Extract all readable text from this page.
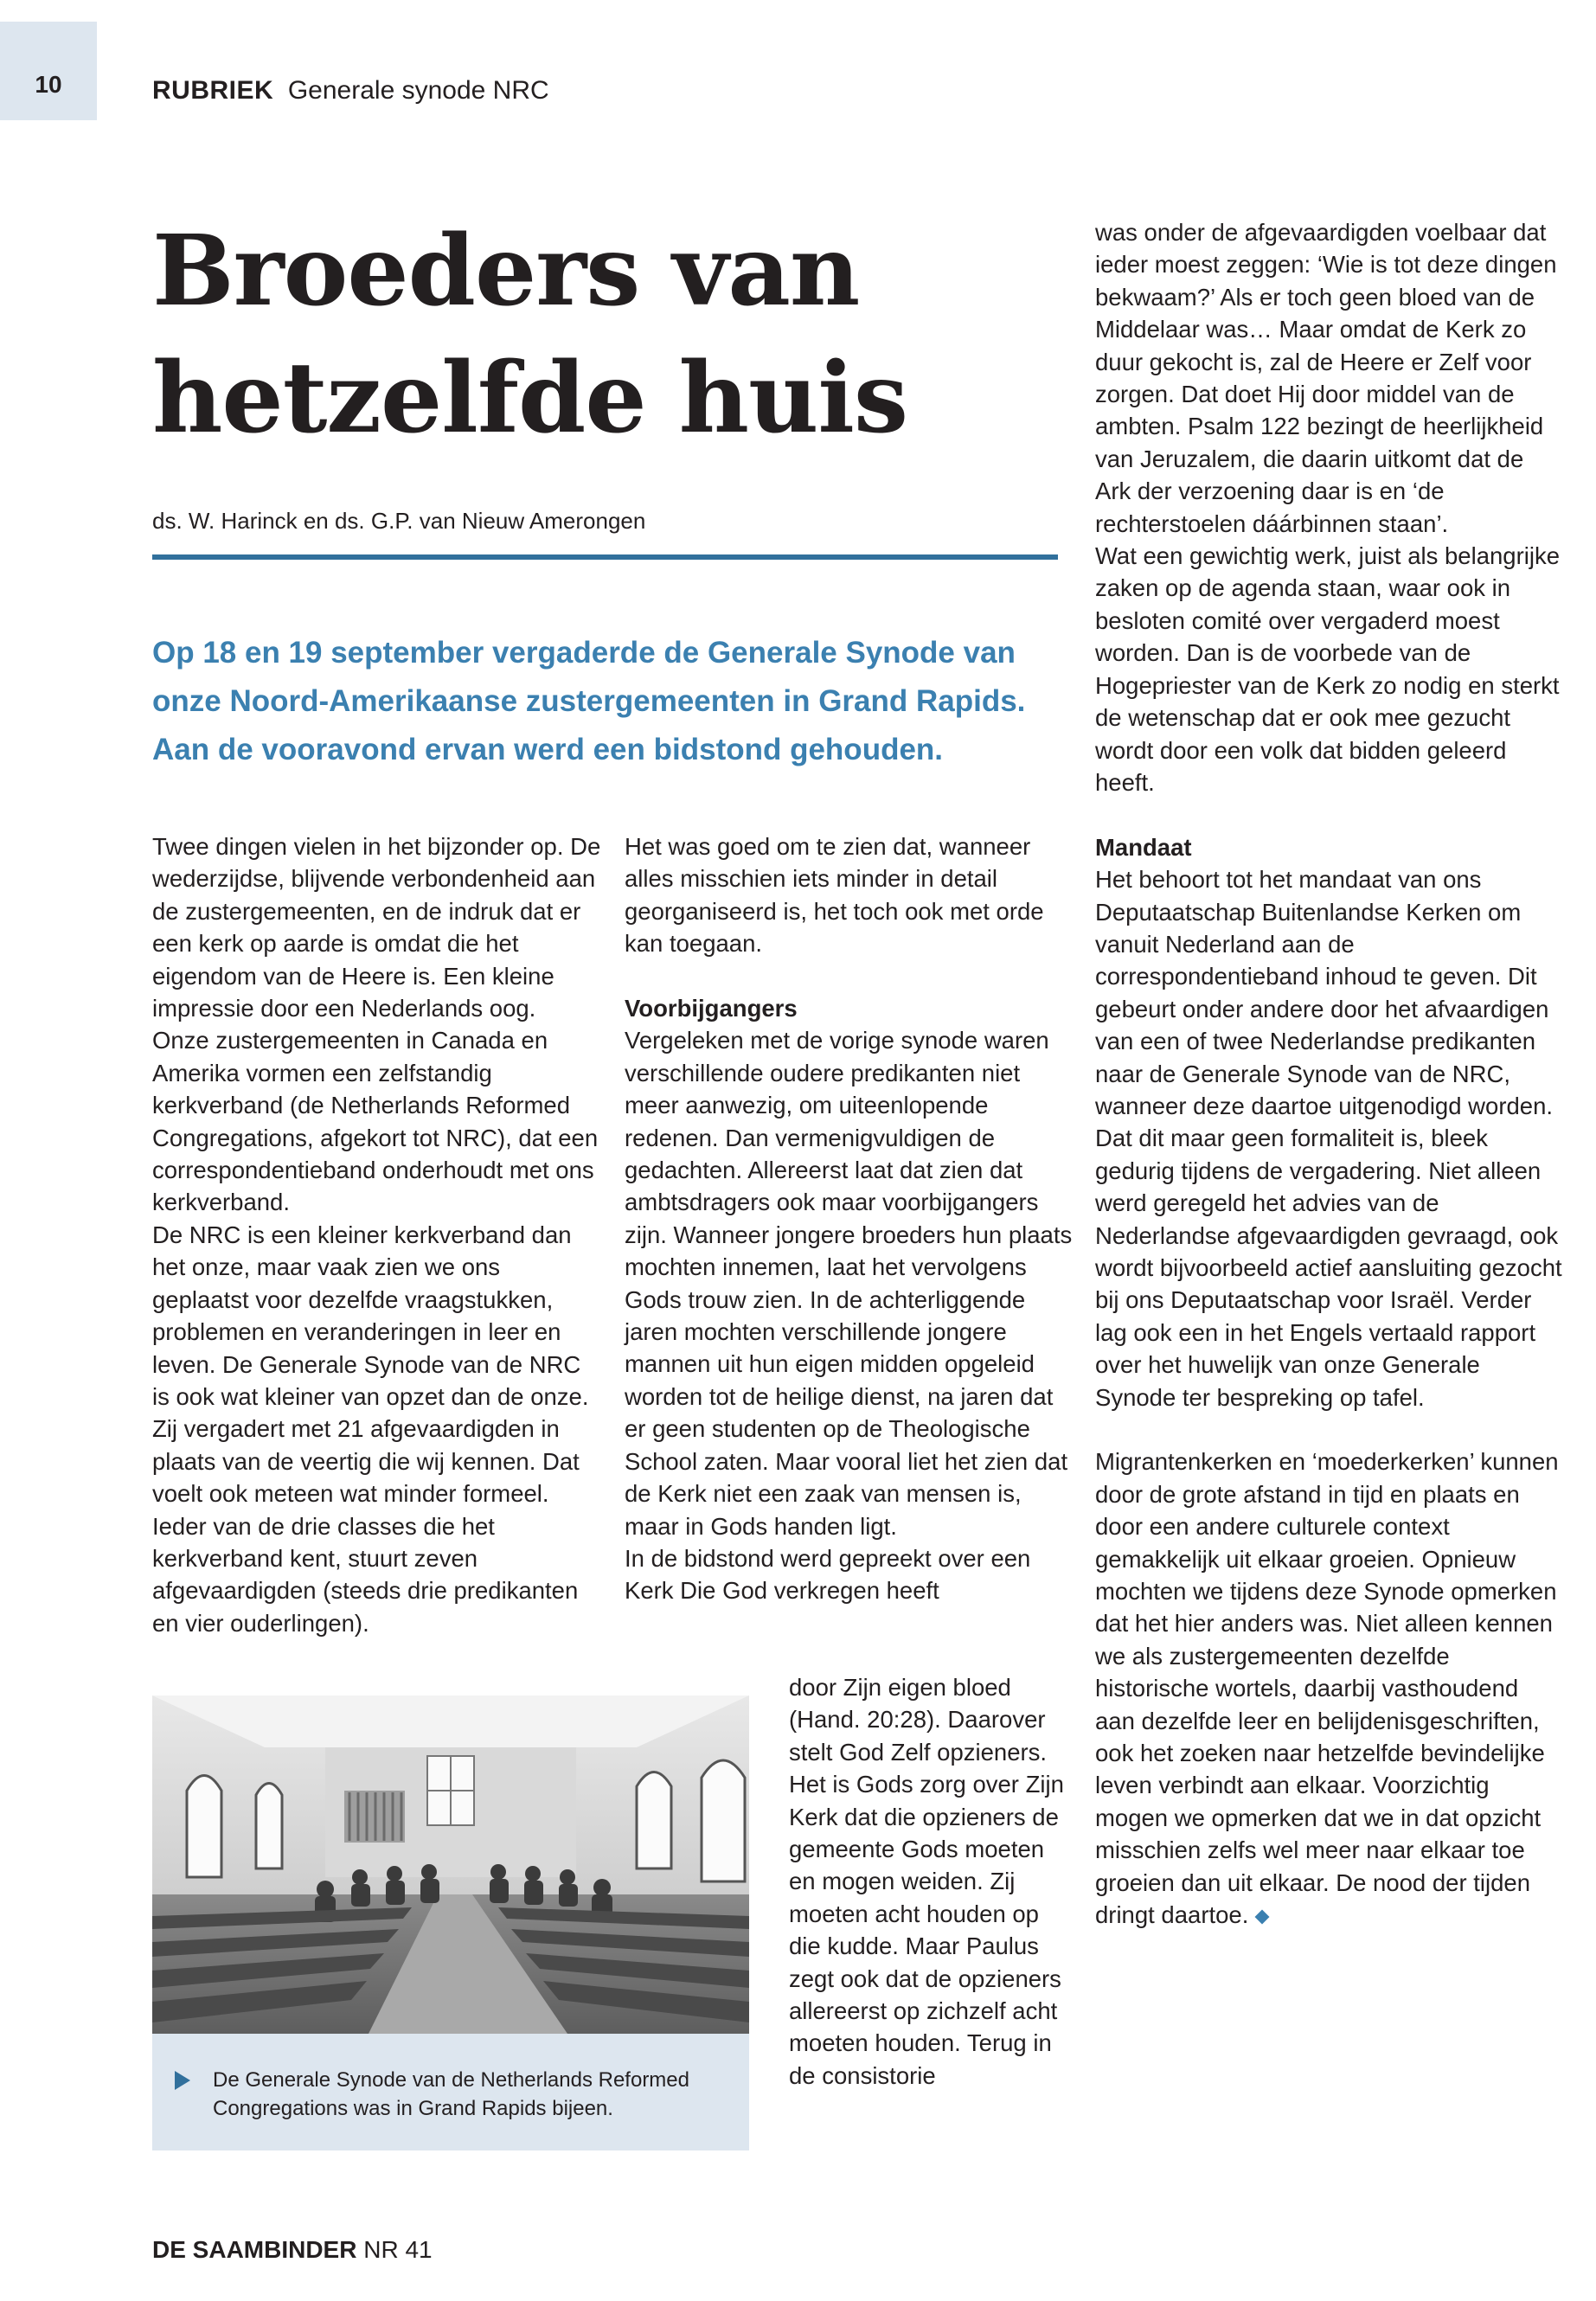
10	RUBRIEK Generale synode NRC
Broeders van
hetzelfde huis
ds. W. Harinck en ds. G.P. van Nieuw Amerongen
Op 18 en 19 september vergaderde de Generale Synode van onze Noord-Amerikaanse zustergemeenten in Grand Rapids. Aan de vooravond ervan werd een bidstond gehouden.

Twee dingen vielen in het bijzonder op. De wederzijdse, blijvende verbondenheid aan de zustergemeenten, en de indruk dat er een kerk op aarde is omdat die het eigendom van de Heere is. Een kleine impressie door een Nederlands oog.

Onze zustergemeenten in Canada en Amerika vormen een zelfstandig kerkverband (de Netherlands Reformed Congregations, afgekort tot NRC), dat een correspondentieband onderhoudt met ons kerkverband.

De NRC is een kleiner kerkverband dan het onze, maar vaak zien we ons geplaatst voor dezelfde vraagstukken, problemen en veranderingen in leer en leven. De Generale Synode van de NRC is ook wat kleiner van opzet dan de onze. Zij vergadert met 21 afgevaardigden in plaats van de veertig die wij kennen. Dat voelt ook meteen wat minder formeel. Ieder van de drie classes die het kerkverband kent, stuurt zeven afgevaardigden (steeds drie predikanten en vier ouderlingen).

Het was goed om te zien dat, wanneer alles misschien iets minder in detail georganiseerd is, het toch ook met orde kan toegaan.

Voorbijgangers

Vergeleken met de vorige synode waren verschillende oudere predikanten niet meer aanwezig, om uiteenlopende redenen. Dan vermenigvuldigen de gedachten. Allereerst laat dat zien dat ambtsdragers ook maar voorbijgangers zijn. Wanneer jongere broeders hun plaats mochten innemen, laat het vervolgens Gods trouw zien. In de achterliggende jaren mochten verschillende jongere mannen uit hun eigen midden opgeleid worden tot de heilige dienst, na jaren dat er geen studenten op de Theologische School zaten. Maar vooral liet het zien dat de Kerk niet een zaak van mensen is, maar in Gods handen ligt.

In de bidstond werd gepreekt over een Kerk Die God verkregen heeft

door Zijn eigen bloed (Hand. 20:28). Daarover stelt God Zelf opzieners. Het is Gods zorg over Zijn Kerk dat die opzieners de gemeente Gods moeten en mogen weiden. Zij moeten acht houden op die kudde. Maar Paulus zegt ook dat de opzieners allereerst op zichzelf acht moeten houden. Terug in de consistorie

was onder de afgevaardigden voelbaar dat ieder moest zeggen: ‘Wie is tot deze dingen bekwaam?’ Als er toch geen bloed van de Middelaar was… Maar omdat de Kerk zo duur gekocht is, zal de Heere er Zelf voor zorgen. Dat doet Hij door middel van de ambten. Psalm 122 bezingt de heerlijkheid van Jeruzalem, die daarin uitkomt dat de Ark der verzoening daar is en ‘de rechterstoelen dáárbinnen staan’.

Wat een gewichtig werk, juist als belangrijke zaken op de agenda staan, waar ook in besloten comité over vergaderd moest worden. Dan is de voorbede van de Hogepriester van de Kerk zo nodig en sterkt de wetenschap dat er ook mee gezucht wordt door een volk dat bidden geleerd heeft.

Mandaat

Het behoort tot het mandaat van ons Deputaatschap Buitenlandse Kerken om vanuit Nederland aan de correspondentieband inhoud te geven. Dit gebeurt onder andere door het afvaardigen van een of twee Nederlandse predikanten naar de Generale Synode van de NRC, wanneer deze daartoe uitgenodigd worden. Dat dit maar geen formaliteit is, bleek gedurig tijdens de vergadering. Niet alleen werd geregeld het advies van de Nederlandse afgevaardigden gevraagd, ook wordt bijvoorbeeld actief aansluiting gezocht bij ons Deputaatschap voor Israël. Verder lag ook een in het Engels vertaald rapport over het huwelijk van onze Generale Synode ter bespreking op tafel.

Migrantenkerken en ‘moederkerken’ kunnen door de grote afstand in tijd en plaats en door een andere culturele context gemakkelijk uit elkaar groeien. Opnieuw mochten we tijdens deze Synode opmerken dat het hier anders was. Niet alleen kennen we als zustergemeenten dezelfde historische wortels, daarbij vasthoudend aan dezelfde leer en belijdenisgeschriften, ook het zoeken naar hetzelfde bevindelijke leven verbindt aan elkaar. Voorzichtig mogen we opmerken dat we in dat opzicht misschien zelfs wel meer naar elkaar toe groeien dan uit elkaar. De nood der tijden dringt daartoe.

De Generale Synode van de Netherlands Reformed Congregations was in Grand Rapids bijeen.
DE SAAMBINDER NR 41
